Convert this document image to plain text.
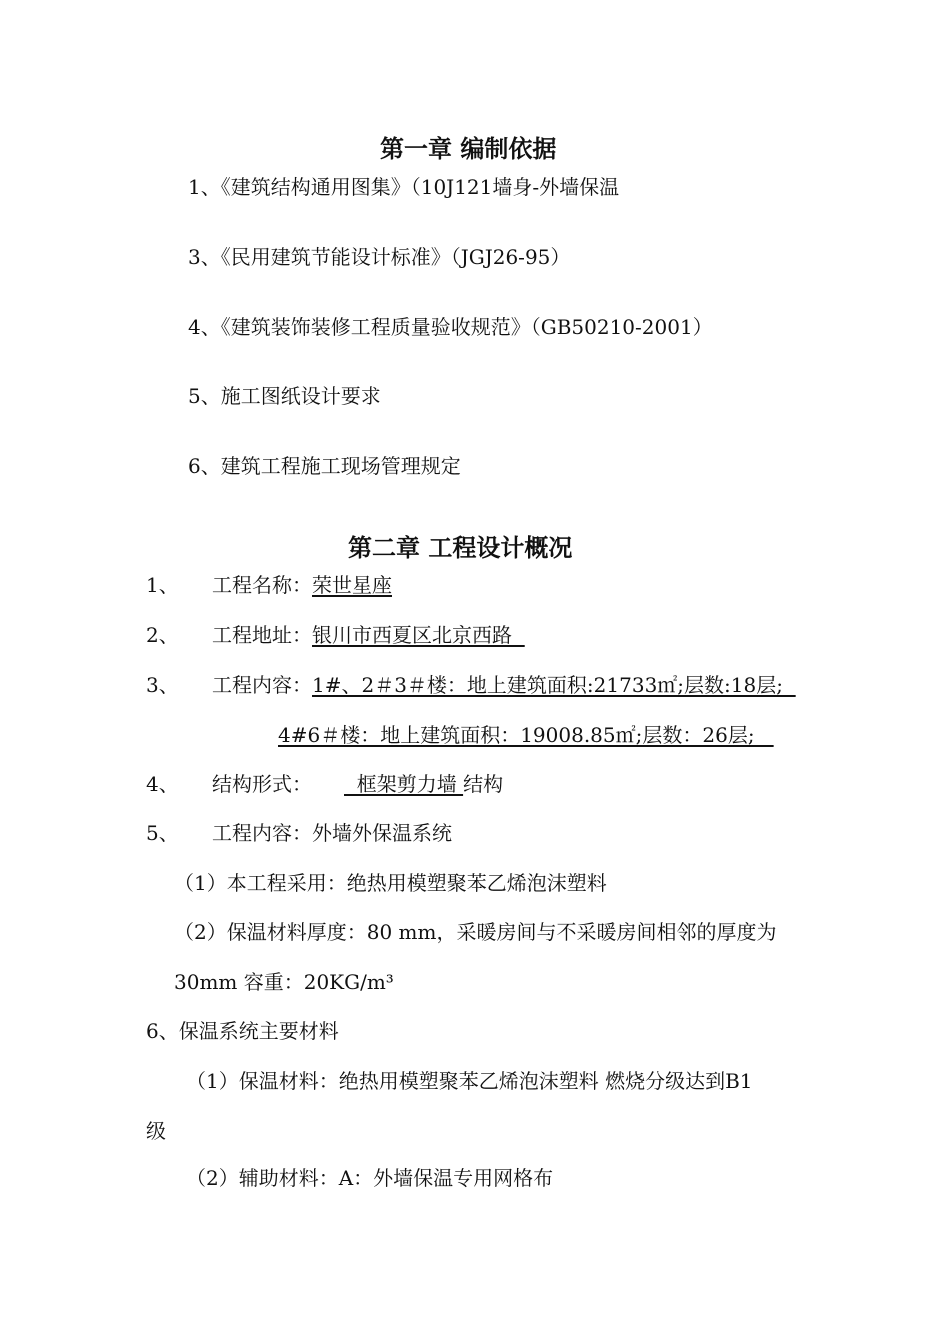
第一章 编制依据
1、《建筑结构通用图集》（10J121墙身-外墙保温
3、《民用建筑节能设计标准》（JGJ26-95）
4、《建筑装饰装修工程质量验收规范》（GB50210-2001）
5、施工图纸设计要求
6、建筑工程施工现场管理规定
第二章 工程设计概况
1、 工程名称：荣世星座
2、 工程地址：银川市西夏区北京西路
3、 工程内容：1#、2＃3＃楼：地上建筑面积:21733㎡;层数:18层;
4#6＃楼：地上建筑面积：19008.85㎡;层数：26层;
4、 结构形式：  框架剪力墙 结构
5、 工程内容：外墙外保温系统
（1）本工程采用：绝热用模塑聚苯乙烯泡沫塑料
（2）保温材料厚度：80 mm，采暖房间与不采暖房间相邻的厚度为
30mm 容重：20KG/m³
6、保温系统主要材料
（1）保温材料：绝热用模塑聚苯乙烯泡沫塑料 燃烧分级达到B1
级
（2）辅助材料：A：外墙保温专用网格布
